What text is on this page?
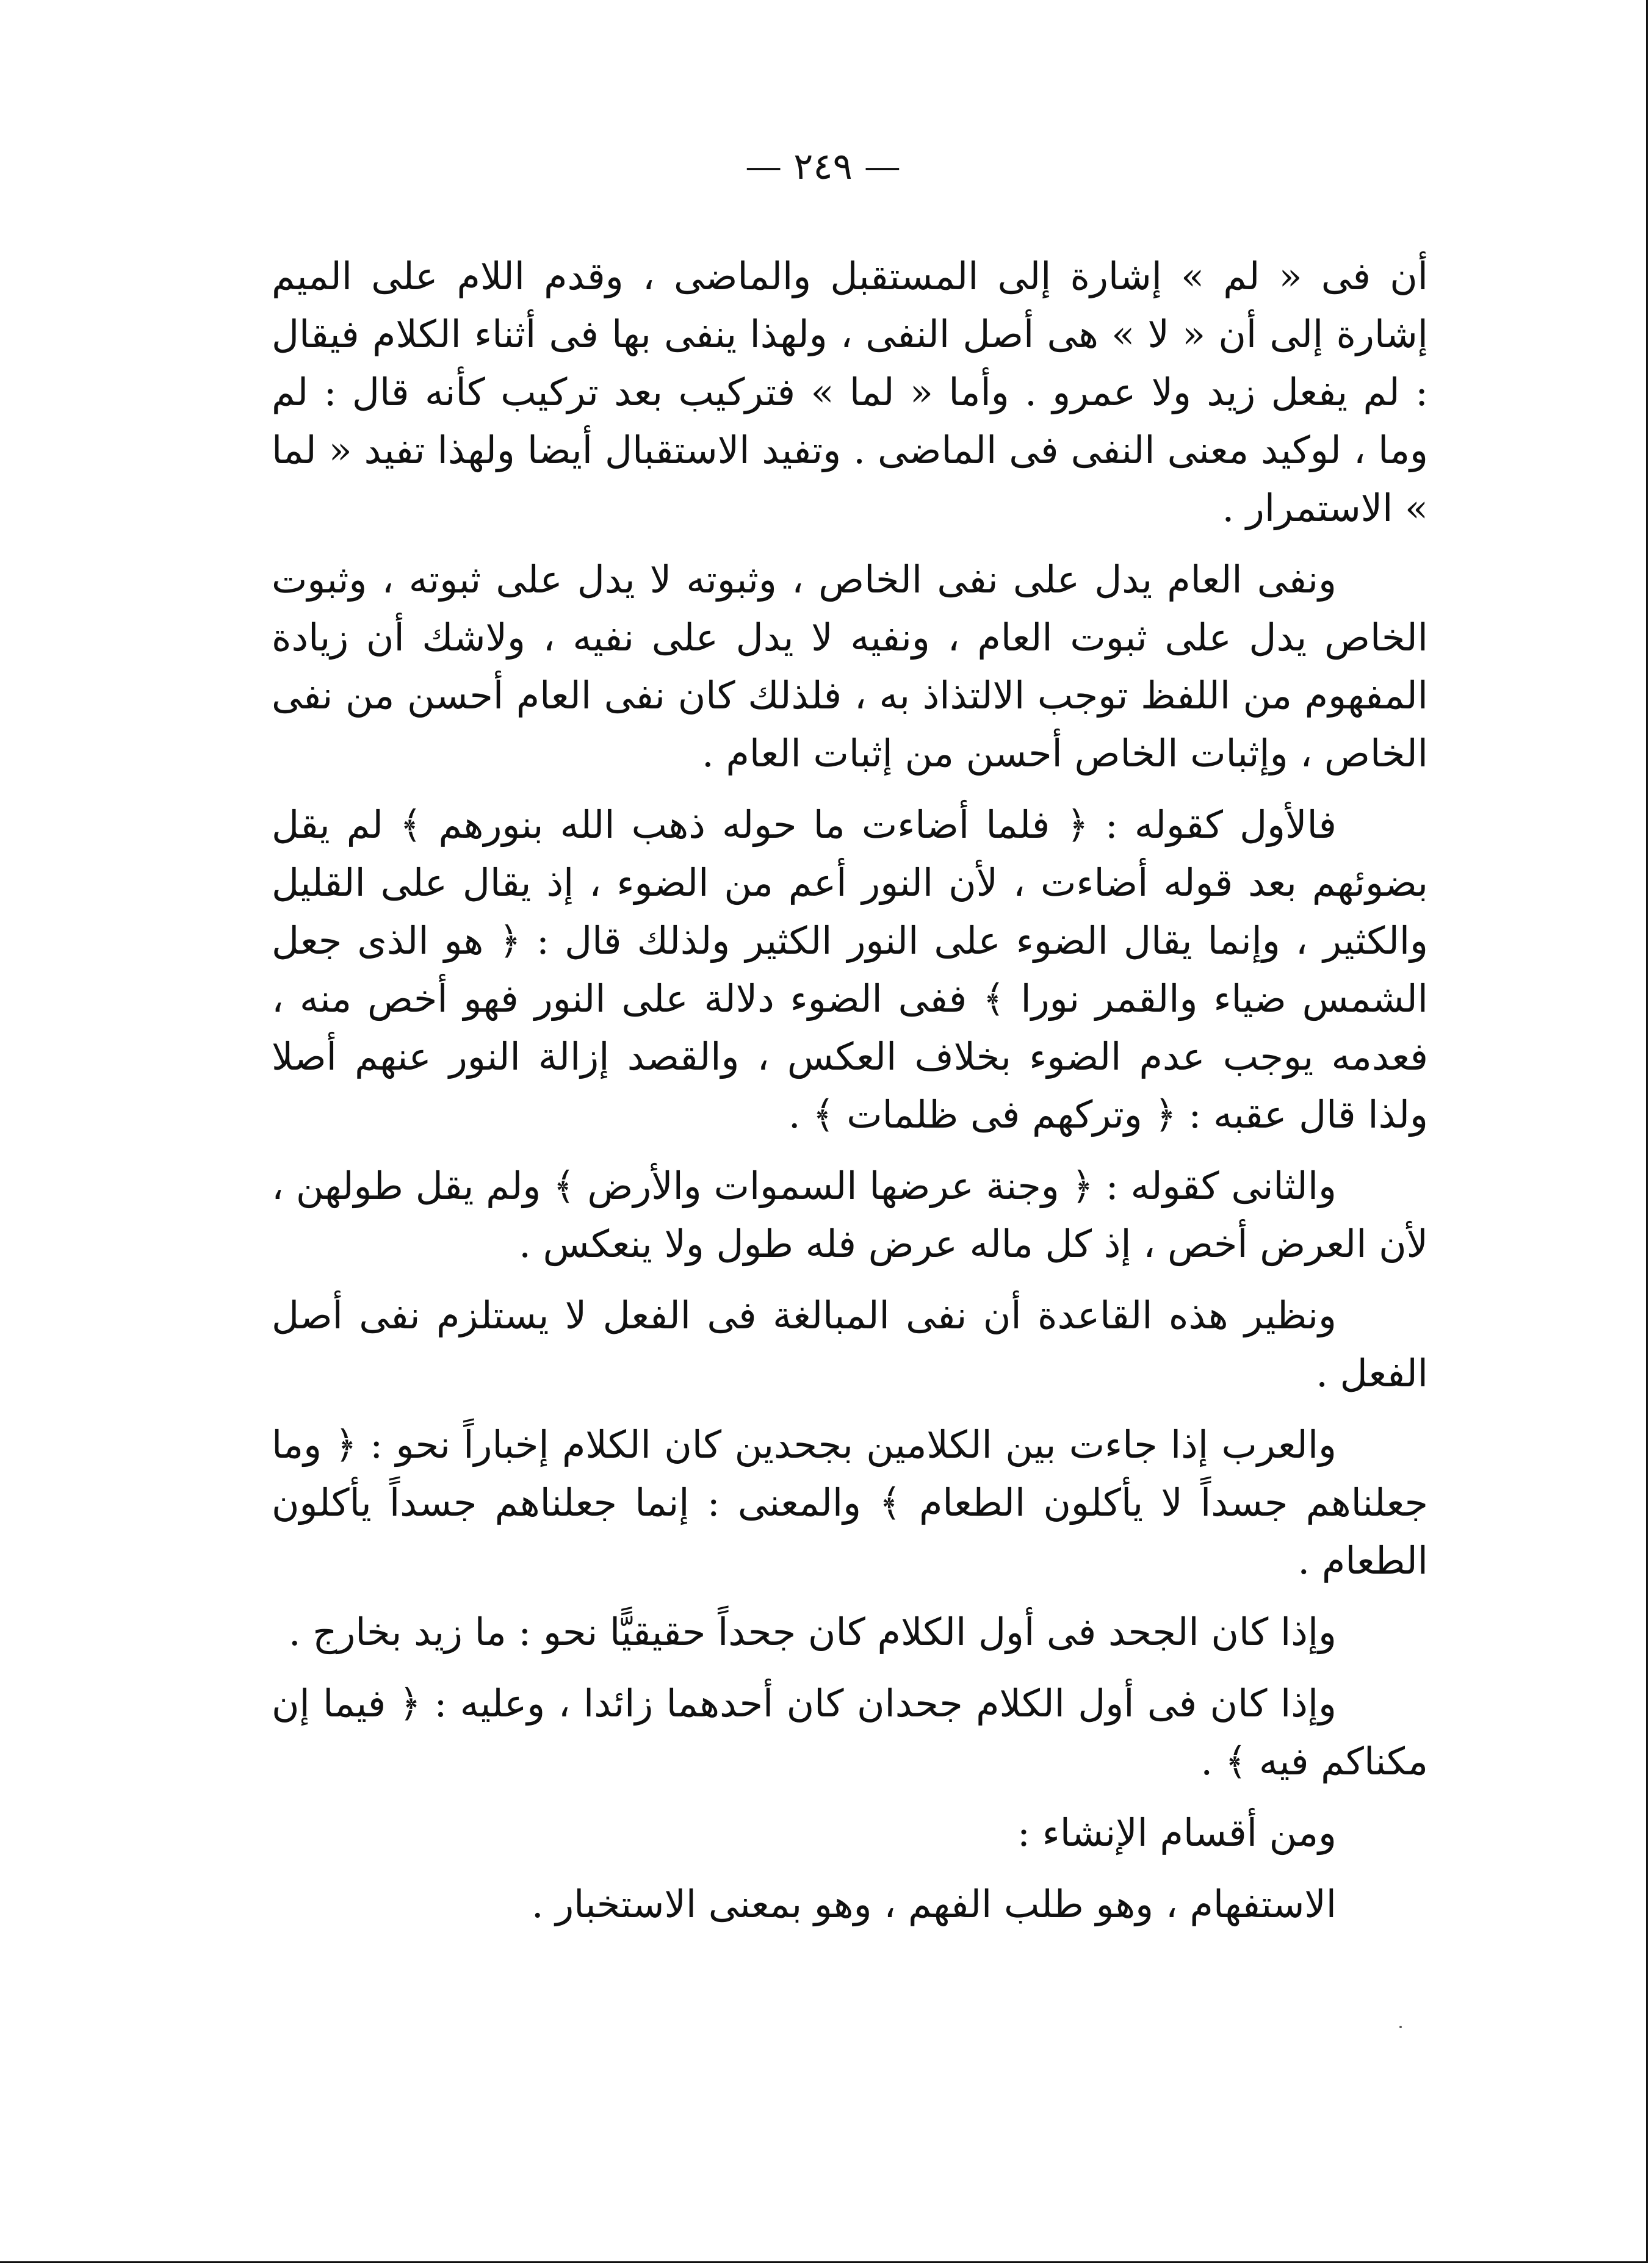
— ٢٤٩ —

أن فى « لم » إشارة إلى المستقبل والماضى ، وقدم اللام على الميم إشارة إلى أن « لا » هى أصل النفى ، ولهذا ينفى بها فى أثناء الكلام فيقال : لم يفعل زيد ولا عمرو . وأما « لما » فتركيب بعد تركيب كأنه قال : لم وما ، لوكيد معنى النفى فى الماضى . وتفيد الاستقبال أيضا ولهذا تفيد « لما » الاستمرار .

ونفى العام يدل على نفى الخاص ، وثبوته لا يدل على ثبوته ، وثبوت الخاص يدل على ثبوت العام ، ونفيه لا يدل على نفيه ، ولاشك أن زيادة المفهوم من اللفظ توجب الالتذاذ به ، فلذلك كان نفى العام أحسن من نفى الخاص ، وإثبات الخاص أحسن من إثبات العام .

فالأول كقوله : ﴿ فلما أضاءت ما حوله ذهب الله بنورهم ﴾ لم يقل بضوئهم بعد قوله أضاءت ، لأن النور أعم من الضوء ، إذ يقال على القليل والكثير ، وإنما يقال الضوء على النور الكثير ولذلك قال : ﴿ هو الذى جعل الشمس ضياء والقمر نورا ﴾ ففى الضوء دلالة على النور فهو أخص منه ، فعدمه يوجب عدم الضوء بخلاف العكس ، والقصد إزالة النور عنهم أصلا ولذا قال عقبه : ﴿ وتركهم فى ظلمات ﴾ .

والثانى كقوله : ﴿ وجنة عرضها السموات والأرض ﴾ ولم يقل طولهن ، لأن العرض أخص ، إذ كل ماله عرض فله طول ولا ينعكس .

ونظير هذه القاعدة أن نفى المبالغة فى الفعل لا يستلزم نفى أصل الفعل .

والعرب إذا جاءت بين الكلامين بجحدين كان الكلام إخباراً نحو : ﴿ وما جعلناهم جسداً لا يأكلون الطعام ﴾ والمعنى : إنما جعلناهم جسداً يأكلون الطعام .

وإذا كان الجحد فى أول الكلام كان جحداً حقيقيًّا نحو : ما زيد بخارج .

وإذا كان فى أول الكلام جحدان كان أحدهما زائدا ، وعليه : ﴿ فيما إن مكناكم فيه ﴾ .

ومن أقسام الإنشاء :

الاستفهام ، وهو طلب الفهم ، وهو بمعنى الاستخبار .
